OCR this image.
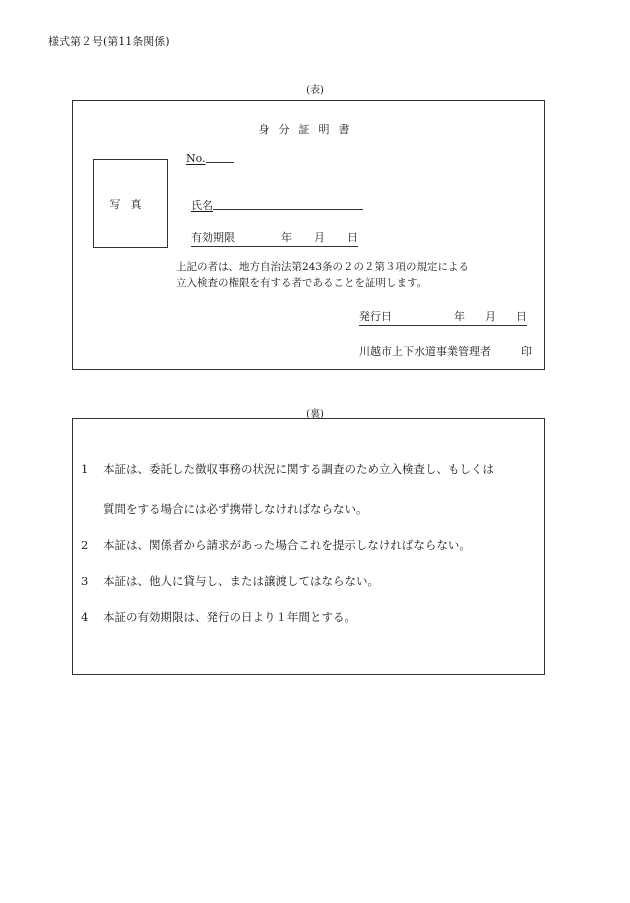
様式第２号(第11条関係)
(表)
身分証明書
写真
No.
氏名
有効期限	年 月 日
上記の者は、地方自治法第243条の２の２第３項の規定による
立入検査の権限を有する者であることを証明します。
発行日	年 月 日
川越市上下水道事業管理者	印
(裏)
1 本証は、委託した徴収事務の状況に関する調査のため立入検査し、もしくは
質問をする場合には必ず携帯しなければならない。
2 本証は、関係者から請求があった場合これを提示しなければならない。
3 本証は、他人に貸与し、または譲渡してはならない。
4 本証の有効期限は、発行の日より１年間とする。
